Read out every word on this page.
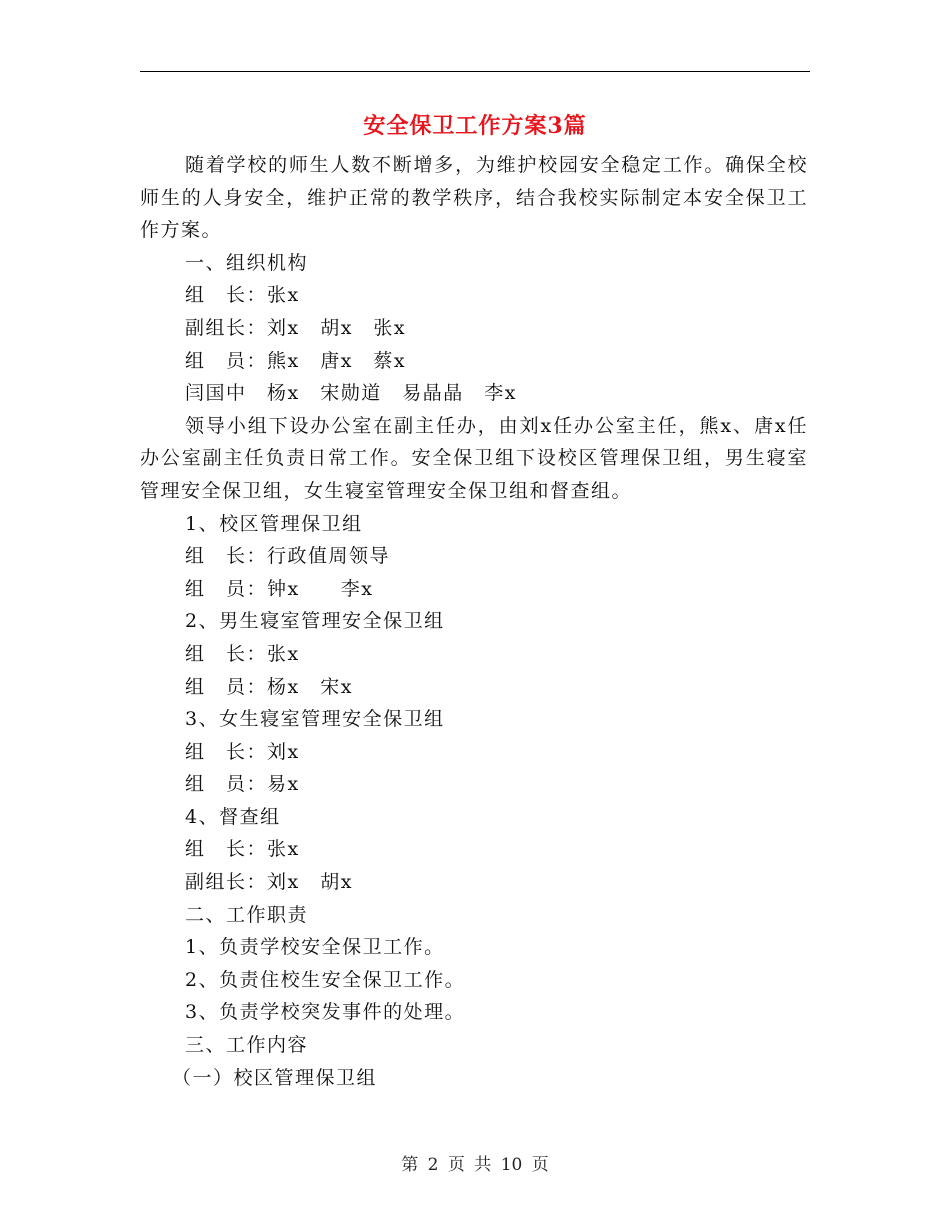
安全保卫工作方案3篇

随着学校的师生人数不断增多，为维护校园安全稳定工作。确保全校师生的人身安全，维护正常的教学秩序，结合我校实际制定本安全保卫工作方案。

一、组织机构

组　长：张x

副组长：刘x　胡x　张x

组　员：熊x　唐x　蔡x

闫国中　杨x　宋勋道　易晶晶　李x

领导小组下设办公室在副主任办，由刘x任办公室主任，熊x、唐x任办公室副主任负责日常工作。安全保卫组下设校区管理保卫组，男生寝室管理安全保卫组，女生寝室管理安全保卫组和督查组。

1、校区管理保卫组

组　长：行政值周领导

组　员：钟x　　李x

2、男生寝室管理安全保卫组

组　长：张x

组　员：杨x　宋x

3、女生寝室管理安全保卫组

组　长：刘x

组　员：易x

4、督查组

组　长：张x

副组长：刘x　胡x

二、工作职责

1、负责学校安全保卫工作。

2、负责住校生安全保卫工作。

3、负责学校突发事件的处理。

三、工作内容

（一）校区管理保卫组

第 2 页 共 10 页
